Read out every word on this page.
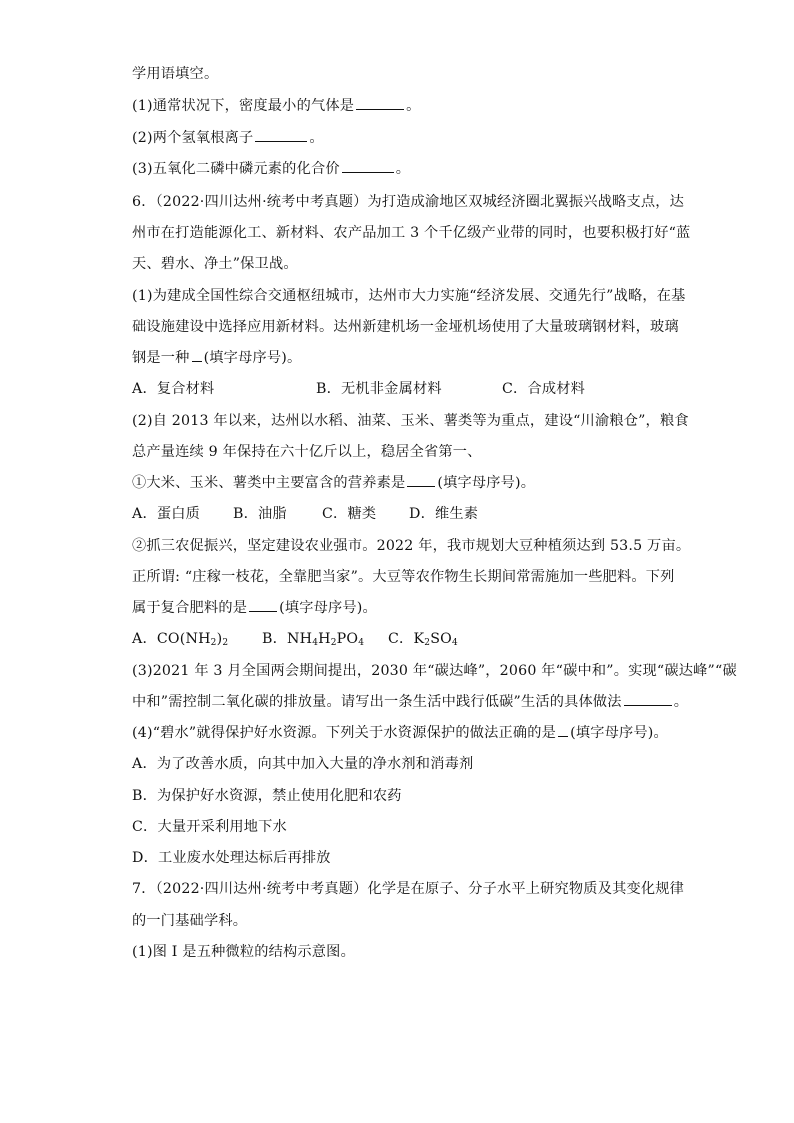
学用语填空。
(1)通常状况下，密度最小的气体是	。
(2)两个氢氧根离子	。
(3)五氧化二磷中磷元素的化合价	。
6．（2022·四川达州·统考中考真题）为打造成渝地区双城经济圈北翼振兴战略支点，达
州市在打造能源化工、新材料、农产品加工 3 个千亿级产业带的同时，也要积极打好“蓝
天、碧水、净土”保卫战。
(1)为建成全国性综合交通枢纽城市，达州市大力实施“经济发展、交通先行”战略，在基
础设施建设中选择应用新材料。达州新建机场一金垭机场使用了大量玻璃钢材料，玻璃
钢是一种 (填字母序号)。
A．复合材料	B．无机非金属材料	C．合成材料
(2)自 2013 年以来，达州以水稻、油菜、玉米、薯类等为重点，建设“川渝粮仓”，粮食
总产量连续 9 年保持在六十亿斤以上，稳居全省第一、
①大米、玉米、薯类中主要富含的营养素是 (填字母序号)。
A．蛋白质 B．油脂 C．糖类 D．维生素
②抓三农促振兴，坚定建设农业强市。2022 年，我市规划大豆种植须达到 53.5 万亩。
正所谓: “庄稼一枝花，全靠肥当家”。大豆等农作物生长期间常需施加一些肥料。下列
属于复合肥料的是 (填字母序号)。
A．$CO(NH_2)_2$ B．$NH_4H_2PO_4$ C．$K_2SO_4$
(3)2021 年 3 月全国两会期间提出，2030 年“碳达峰”，2060 年“碳中和”。实现“碳达峰”“碳
中和”需控制二氧化碳的排放量。请写出一条生活中践行低碳”生活的具体做法	。
(4)“碧水”就得保护好水资源。下列关于水资源保护的做法正确的是 (填字母序号)。
A．为了改善水质，向其中加入大量的净水剂和消毒剂
B．为保护好水资源，禁止使用化肥和农药
C．大量开采利用地下水
D．工业废水处理达标后再排放
7．（2022·四川达州·统考中考真题）化学是在原子、分子水平上研究物质及其变化规律
的一门基础学科。
(1)图 I 是五种微粒的结构示意图。
